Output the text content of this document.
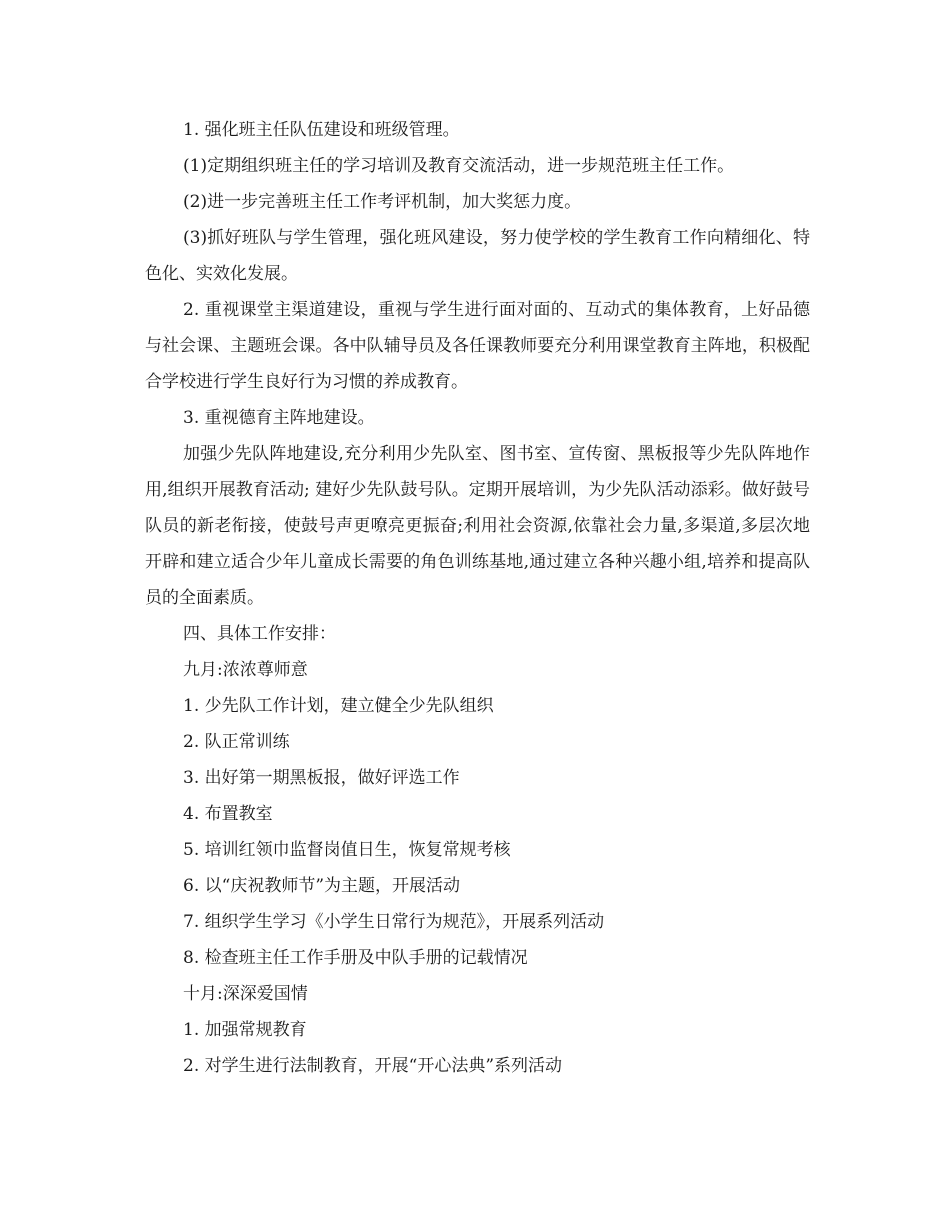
1. 强化班主任队伍建设和班级管理。

(1)定期组织班主任的学习培训及教育交流活动，进一步规范班主任工作。

(2)进一步完善班主任工作考评机制，加大奖惩力度。

(3)抓好班队与学生管理，强化班风建设，努力使学校的学生教育工作向精细化、特色化、实效化发展。

2. 重视课堂主渠道建设，重视与学生进行面对面的、互动式的集体教育，上好品德与社会课、主题班会课。各中队辅导员及各任课教师要充分利用课堂教育主阵地，积极配合学校进行学生良好行为习惯的养成教育。

3. 重视德育主阵地建设。

加强少先队阵地建设,充分利用少先队室、图书室、宣传窗、黑板报等少先队阵地作用,组织开展教育活动; 建好少先队鼓号队。定期开展培训，为少先队活动添彩。做好鼓号队员的新老衔接，使鼓号声更嘹亮更振奋;利用社会资源,依靠社会力量,多渠道,多层次地开辟和建立适合少年儿童成长需要的角色训练基地,通过建立各种兴趣小组,培养和提高队员的全面素质。

四、具体工作安排：

九月:浓浓尊师意

1. 少先队工作计划，建立健全少先队组织

2. 队正常训练

3. 出好第一期黑板报，做好评选工作

4. 布置教室

5. 培训红领巾监督岗值日生，恢复常规考核

6. 以“庆祝教师节”为主题，开展活动

7. 组织学生学习《小学生日常行为规范》，开展系列活动

8. 检查班主任工作手册及中队手册的记载情况

十月:深深爱国情

1. 加强常规教育

2. 对学生进行法制教育，开展“开心法典”系列活动
